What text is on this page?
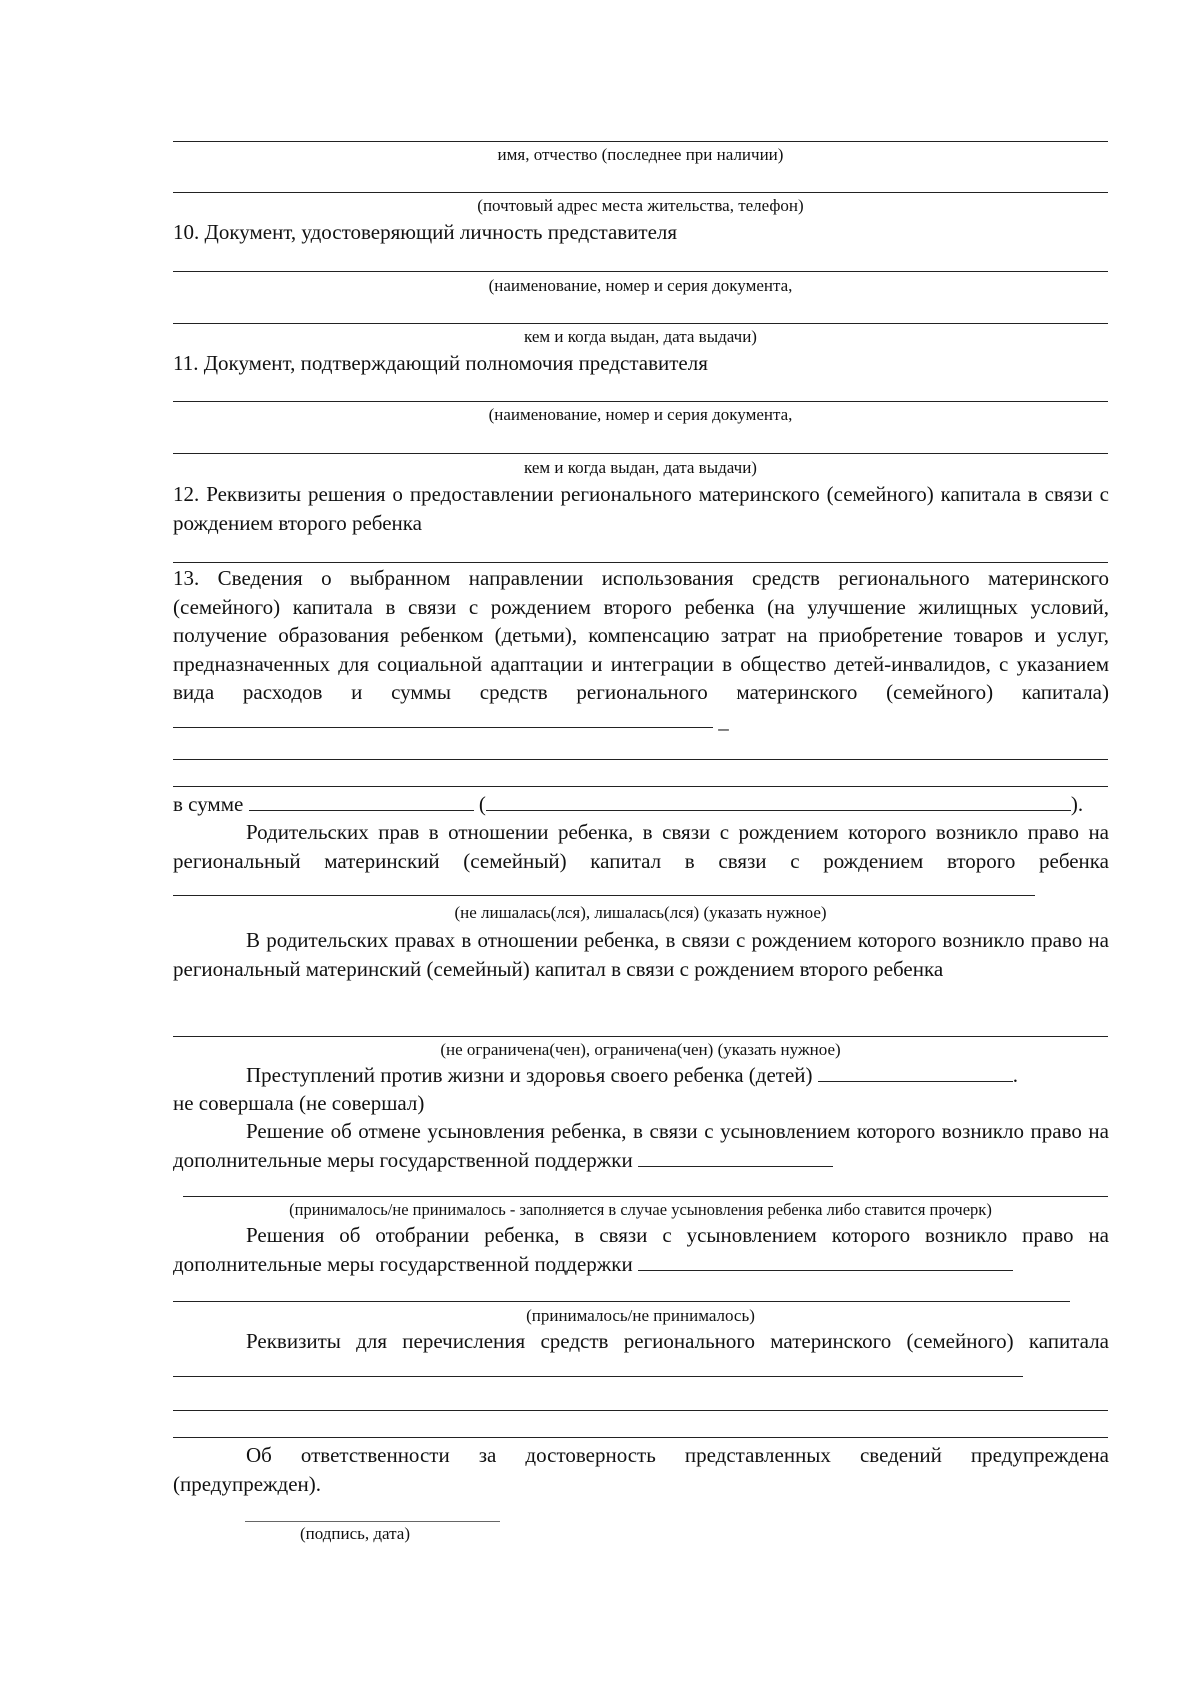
имя, отчество (последнее при наличии)
(почтовый адрес места жительства, телефон)
10. Документ, удостоверяющий личность представителя
(наименование, номер и серия документа,
кем и когда выдан, дата выдачи)
11. Документ, подтверждающий полномочия представителя
(наименование, номер и серия документа,
кем и когда выдан, дата выдачи)
12. Реквизиты решения о предоставлении регионального материнского (семейного) капитала в связи с рождением второго ребенка
13. Сведения о выбранном направлении использования средств регионального материнского (семейного) капитала в связи с рождением второго ребенка (на улучшение жилищных условий, получение образования ребенком (детьми), компенсацию затрат на приобретение товаров и услуг, предназначенных для социальной адаптации и интеграции в общество детей-инвалидов, с указанием вида расходов и суммы средств регионального материнского (семейного) капитала) _
в сумме	(	).
Родительских прав в отношении ребенка, в связи с рождением которого возникло право на региональный материнский (семейный) капитал в связи с рождением второго ребенка
(не лишалась(лся), лишалась(лся) (указать нужное)
В родительских правах в отношении ребенка, в связи с рождением которого возникло право на региональный материнский (семейный) капитал в связи с рождением второго ребенка
(не ограничена(чен), ограничена(чен) (указать нужное)
Преступлений против жизни и здоровья своего ребенка (детей)	.
не совершала (не совершал)
Решение об отмене усыновления ребенка, в связи с усыновлением которого возникло право на дополнительные меры государственной поддержки
(принималось/не принималось - заполняется в случае усыновления ребенка либо ставится прочерк)
Решения об отобрании ребенка, в связи с усыновлением которого возникло право на дополнительные меры государственной поддержки
(принималось/не принималось)
Реквизиты для перечисления средств регионального материнского (семейного) капитала
Об ответственности за достоверность представленных сведений предупреждена (предупрежден).
(подпись, дата)
